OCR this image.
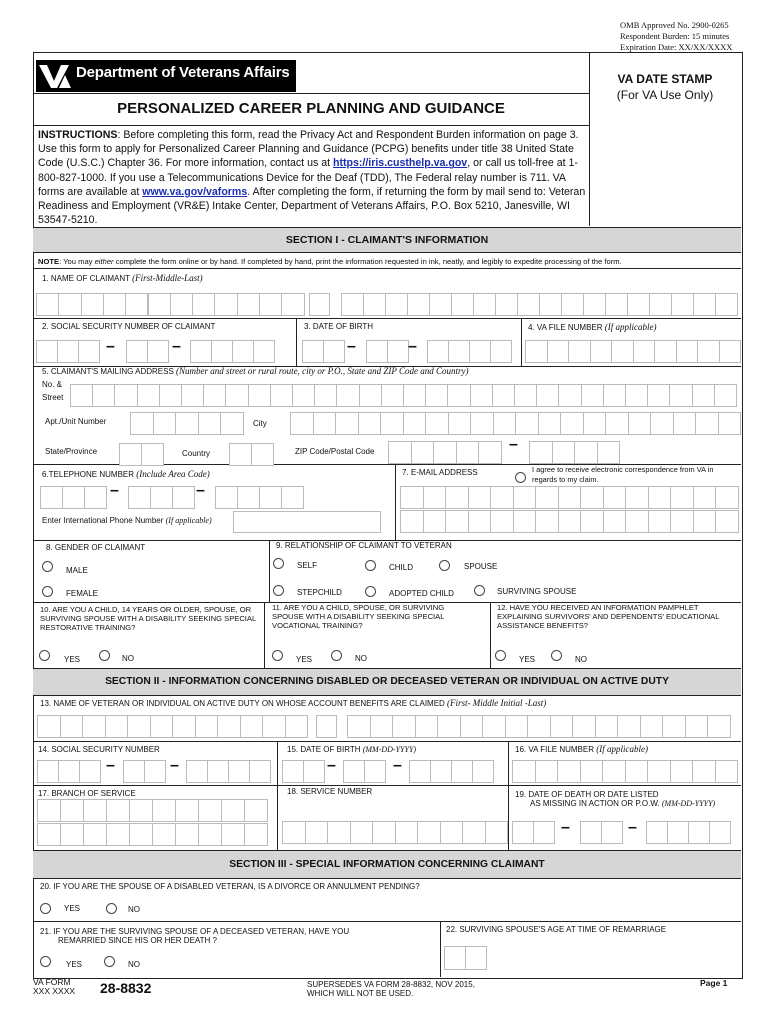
OMB Approved No. 2900-0265
Respondent Burden: 15 minutes
Expiration Date: XX/XX/XXXX
Department of Veterans Affairs
PERSONALIZED CAREER PLANNING AND GUIDANCE
VA DATE STAMP
(For VA Use Only)
INSTRUCTIONS: Before completing this form, read the Privacy Act and Respondent Burden information on page 3. Use this form to apply for Personalized Career Planning and Guidance (PCPG) benefits under title 38 United State Code (U.S.C.) Chapter 36. For more information, contact us at https://iris.custhelp.va.gov, or call us toll-free at 1-800-827-1000. If you use a Telecommunications Device for the Deaf (TDD), The Federal relay number is 711. VA forms are available at www.va.gov/vaforms. After completing the form, if returning the form by mail send to: Veteran Readiness and Employment (VR&E) Intake Center, Department of Veterans Affairs, P.O. Box 5210, Janesville, WI 53547-5210.
SECTION I - CLAIMANT'S INFORMATION
NOTE: You may either complete the form online or by hand. If completed by hand, print the information requested in ink, neatly, and legibly to expedite processing of the form.
1. NAME OF CLAIMANT (First-Middle-Last)
2. SOCIAL SECURITY NUMBER OF CLAIMANT	3. DATE OF BIRTH	4. VA FILE NUMBER (If applicable)
5. CLAIMANT'S MAILING ADDRESS (Number and street or rural route, city or P.O., State and ZIP Code and Country)
No. &
Street
Apt./Unit Number	City
State/Province	Country	ZIP Code/Postal Code
6.TELEPHONE NUMBER (Include Area Code)	7. E-MAIL ADDRESS	I agree to receive electronic correspondence from VA in regards to my claim.
Enter International Phone Number (If applicable)
8. GENDER OF CLAIMANT	9. RELATIONSHIP OF CLAIMANT TO VETERAN
MALE
FEMALE
SELF	CHILD	SPOUSE
STEPCHILD	ADOPTED CHILD	SURVIVING SPOUSE
10. ARE YOU A CHILD, 14 YEARS OR OLDER, SPOUSE, OR SURVIVING SPOUSE WITH A DISABILITY SEEKING SPECIAL RESTORATIVE TRAINING?
11. ARE YOU A CHILD, SPOUSE, OR SURVIVING SPOUSE WITH A DISABILITY SEEKING SPECIAL VOCATIONAL TRAINING?
12. HAVE YOU RECEIVED AN INFORMATION PAMPHLET EXPLAINING SURVIVORS' AND DEPENDENTS' EDUCATIONAL ASSISTANCE BENEFITS?
YES	NO	YES	NO	YES	NO
SECTION II - INFORMATION CONCERNING DISABLED OR DECEASED VETERAN OR INDIVIDUAL ON ACTIVE DUTY
13. NAME OF VETERAN OR INDIVIDUAL ON ACTIVE DUTY ON WHOSE ACCOUNT BENEFITS ARE CLAIMED (First- Middle Initial -Last)
14. SOCIAL SECURITY NUMBER	15. DATE OF BIRTH (MM-DD-YYYY)	16. VA FILE NUMBER (If applicable)
17. BRANCH OF SERVICE	18. SERVICE NUMBER	19. DATE OF DEATH OR DATE LISTED
AS MISSING IN ACTION OR P.O.W. (MM-DD-YYYY)
SECTION III - SPECIAL INFORMATION CONCERNING CLAIMANT
20. IF YOU ARE THE SPOUSE OF A DISABLED VETERAN, IS A DIVORCE OR ANNULMENT PENDING?
YES	NO
21. IF YOU ARE THE SURVIVING SPOUSE OF A DECEASED VETERAN, HAVE YOU
REMARRIED SINCE HIS OR HER DEATH ?
22. SURVIVING SPOUSE'S AGE AT TIME OF REMARRIAGE
YES	NO
VA FORM
XXX XXXX 28-8832	SUPERSEDES VA FORM 28-8832, NOV 2015,
WHICH WILL NOT BE USED.
Page 1
–	–	–	–
–
–	–
–	–	–	–
–	–
